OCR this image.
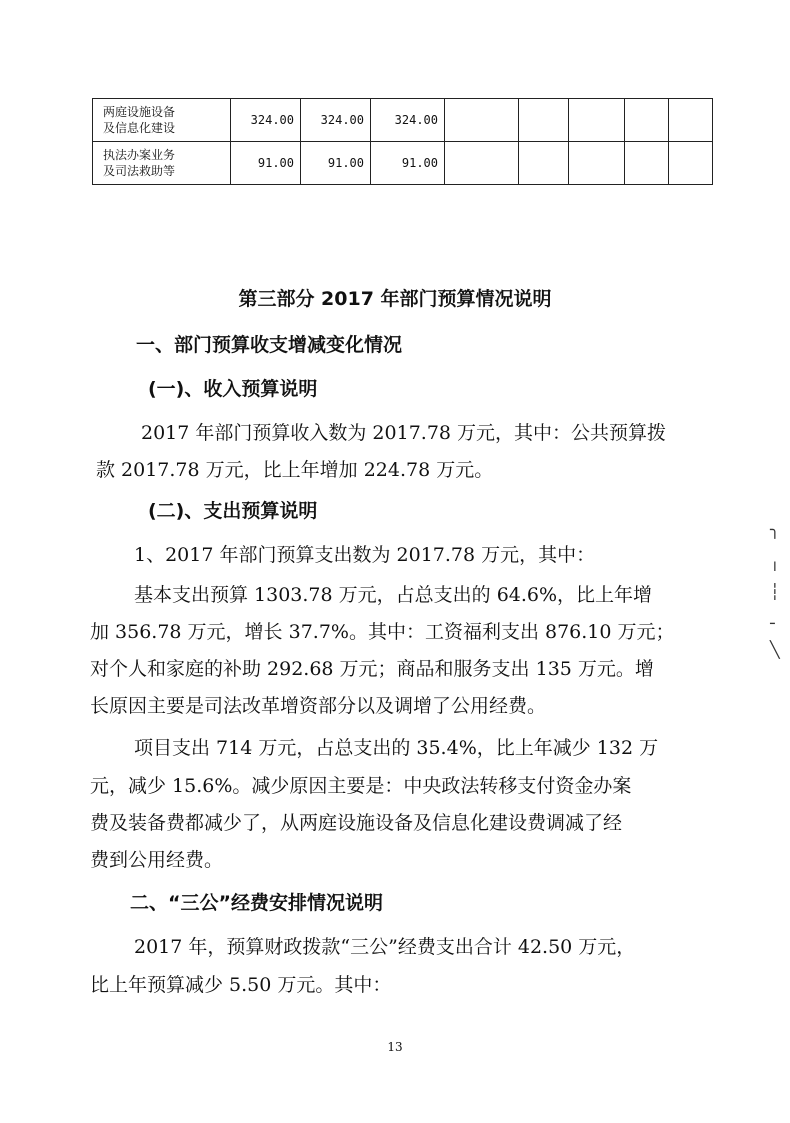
两庭设施设备
及信息化建设	324.00	324.00	324.00					
执法办案业务
及司法救助等	91.00	91.00	91.00					
第三部分 2017 年部门预算情况说明
一、部门预算收支增减变化情况
(一)、收入预算说明
2017 年部门预算收入数为 2017.78 万元，其中：公共预算拨
款 2017.78 万元，比上年增加 224.78 万元。
(二)、支出预算说明
1、2017 年部门预算支出数为 2017.78 万元，其中：
基本支出预算 1303.78 万元，占总支出的 64.6%，比上年增
加 356.78 万元，增长 37.7%。其中：工资福利支出 876.10 万元；
对个人和家庭的补助 292.68 万元；商品和服务支出 135 万元。增
长原因主要是司法改革增资部分以及调增了公用经费。
项目支出 714 万元，占总支出的 35.4%，比上年减少 132 万
元，减少 15.6%。减少原因主要是：中央政法转移支付资金办案
费及装备费都减少了，从两庭设施设备及信息化建设费调减了经
费到公用经费。
二、“三公”经费安排情况说明
2017 年，预算财政拨款“三公”经费支出合计 42.50 万元，
比上年预算减少 5.50 万元。其中：
╮
╷
┆
╴
╲
13
